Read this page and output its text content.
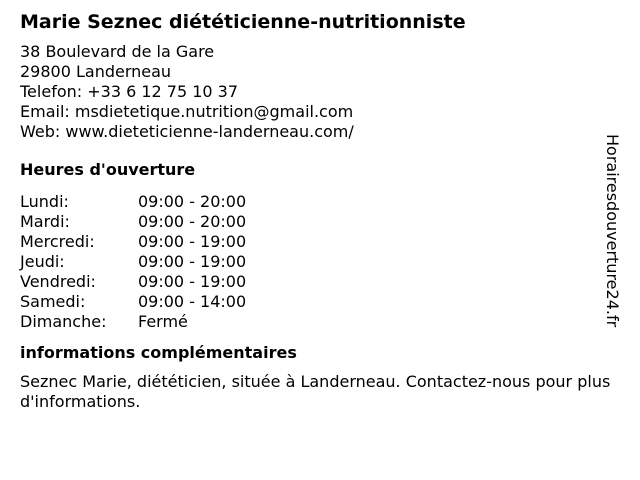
Marie Seznec diététicienne-nutritionniste
38 Boulevard de la Gare
29800 Landerneau
Telefon: +33 6 12 75 10 37
Email: msdietetique.nutrition@gmail.com
Web: www.dieteticienne-landerneau.com/
Heures d'ouverture
Lundi:	09:00 - 20:00
Mardi:	09:00 - 20:00
Mercredi:	09:00 - 19:00
Jeudi:	09:00 - 19:00
Vendredi:	09:00 - 19:00
Samedi:	09:00 - 14:00
Dimanche:	Fermé
informations complémentaires
Seznec Marie, diététicien, située à Landerneau. Contactez-nous pour plus d'informations.
Horairesdouverture24.fr
